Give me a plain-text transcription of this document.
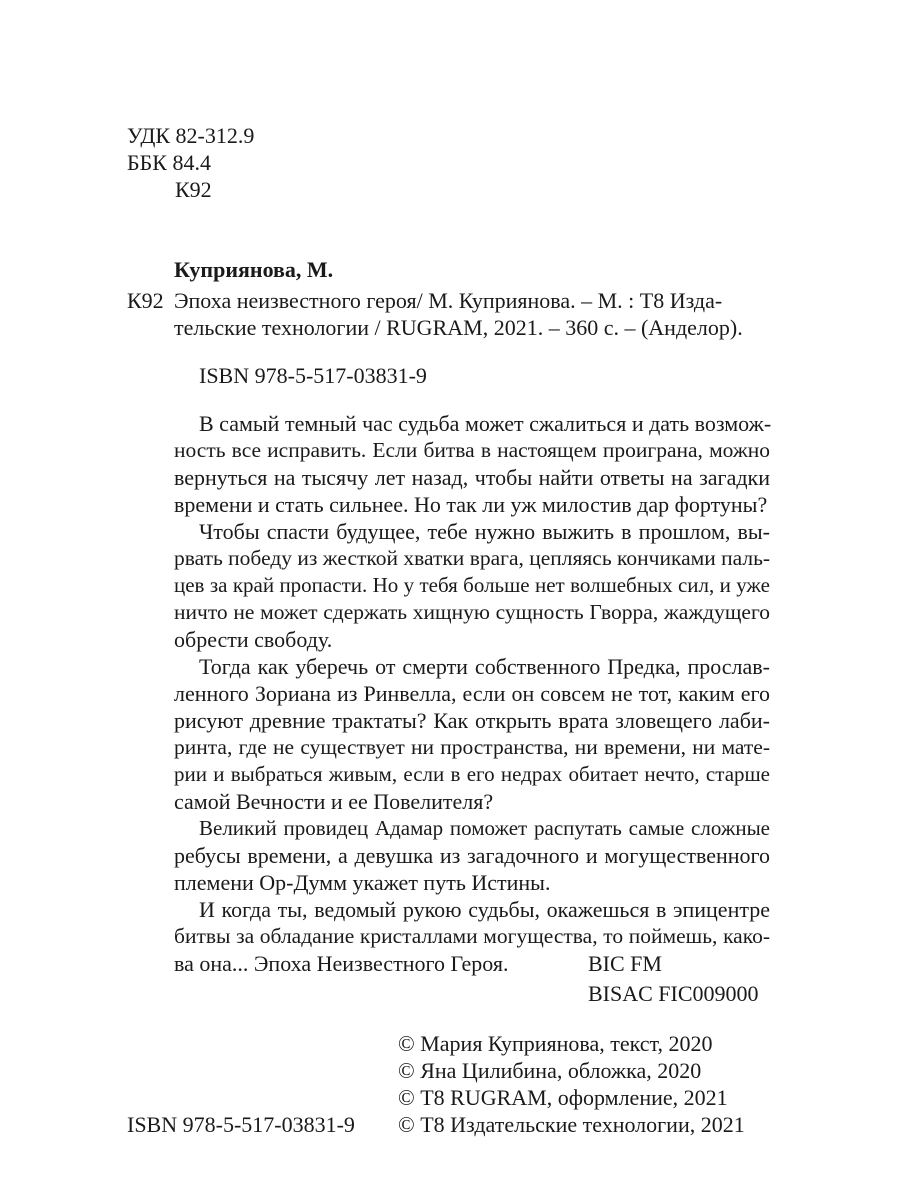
УДК 82-312.9
ББК 84.4
К92
Куприянова, М.
К92 Эпоха неизвестного героя/ М. Куприянова. – М. : Т8 Изда-
тельские технологии / RUGRAM, 2021. – 360 с. – (Анделор).
ISBN 978-5-517-03831-9
В самый темный час судьба может сжалиться и дать возмож-
ность все исправить. Если битва в настоящем проиграна, можно
вернуться на тысячу лет назад, чтобы найти ответы на загадки
времени и стать сильнее. Но так ли уж милостив дар фортуны?
Чтобы спасти будущее, тебе нужно выжить в прошлом, вы-
рвать победу из жесткой хватки врага, цепляясь кончиками паль-
цев за край пропасти. Но у тебя больше нет волшебных сил, и уже
ничто не может сдержать хищную сущность Гворра, жаждущего
обрести свободу.
Тогда как уберечь от смерти собственного Предка, прослав-
ленного Зориана из Ринвелла, если он совсем не тот, каким его
рисуют древние трактаты? Как открыть врата зловещего лаби-
ринта, где не существует ни пространства, ни времени, ни мате-
рии и выбраться живым, если в его недрах обитает нечто, старше
самой Вечности и ее Повелителя?
Великий провидец Адамар поможет распутать самые сложные
ребусы времени, а девушка из загадочного и могущественного
племени Ор-Думм укажет путь Истины.
И когда ты, ведомый рукою судьбы, окажешься в эпицентре
битвы за обладание кристаллами могущества, то поймешь, како-
ва она... Эпоха Неизвестного Героя.	BIC FM
BISAC FIC009000
© Мария Куприянова, текст, 2020
© Яна Цилибина, обложка, 2020
© Т8 RUGRAM, оформление, 2021
© Т8 Издательские технологии, 2021
ISBN 978-5-517-03831-9
